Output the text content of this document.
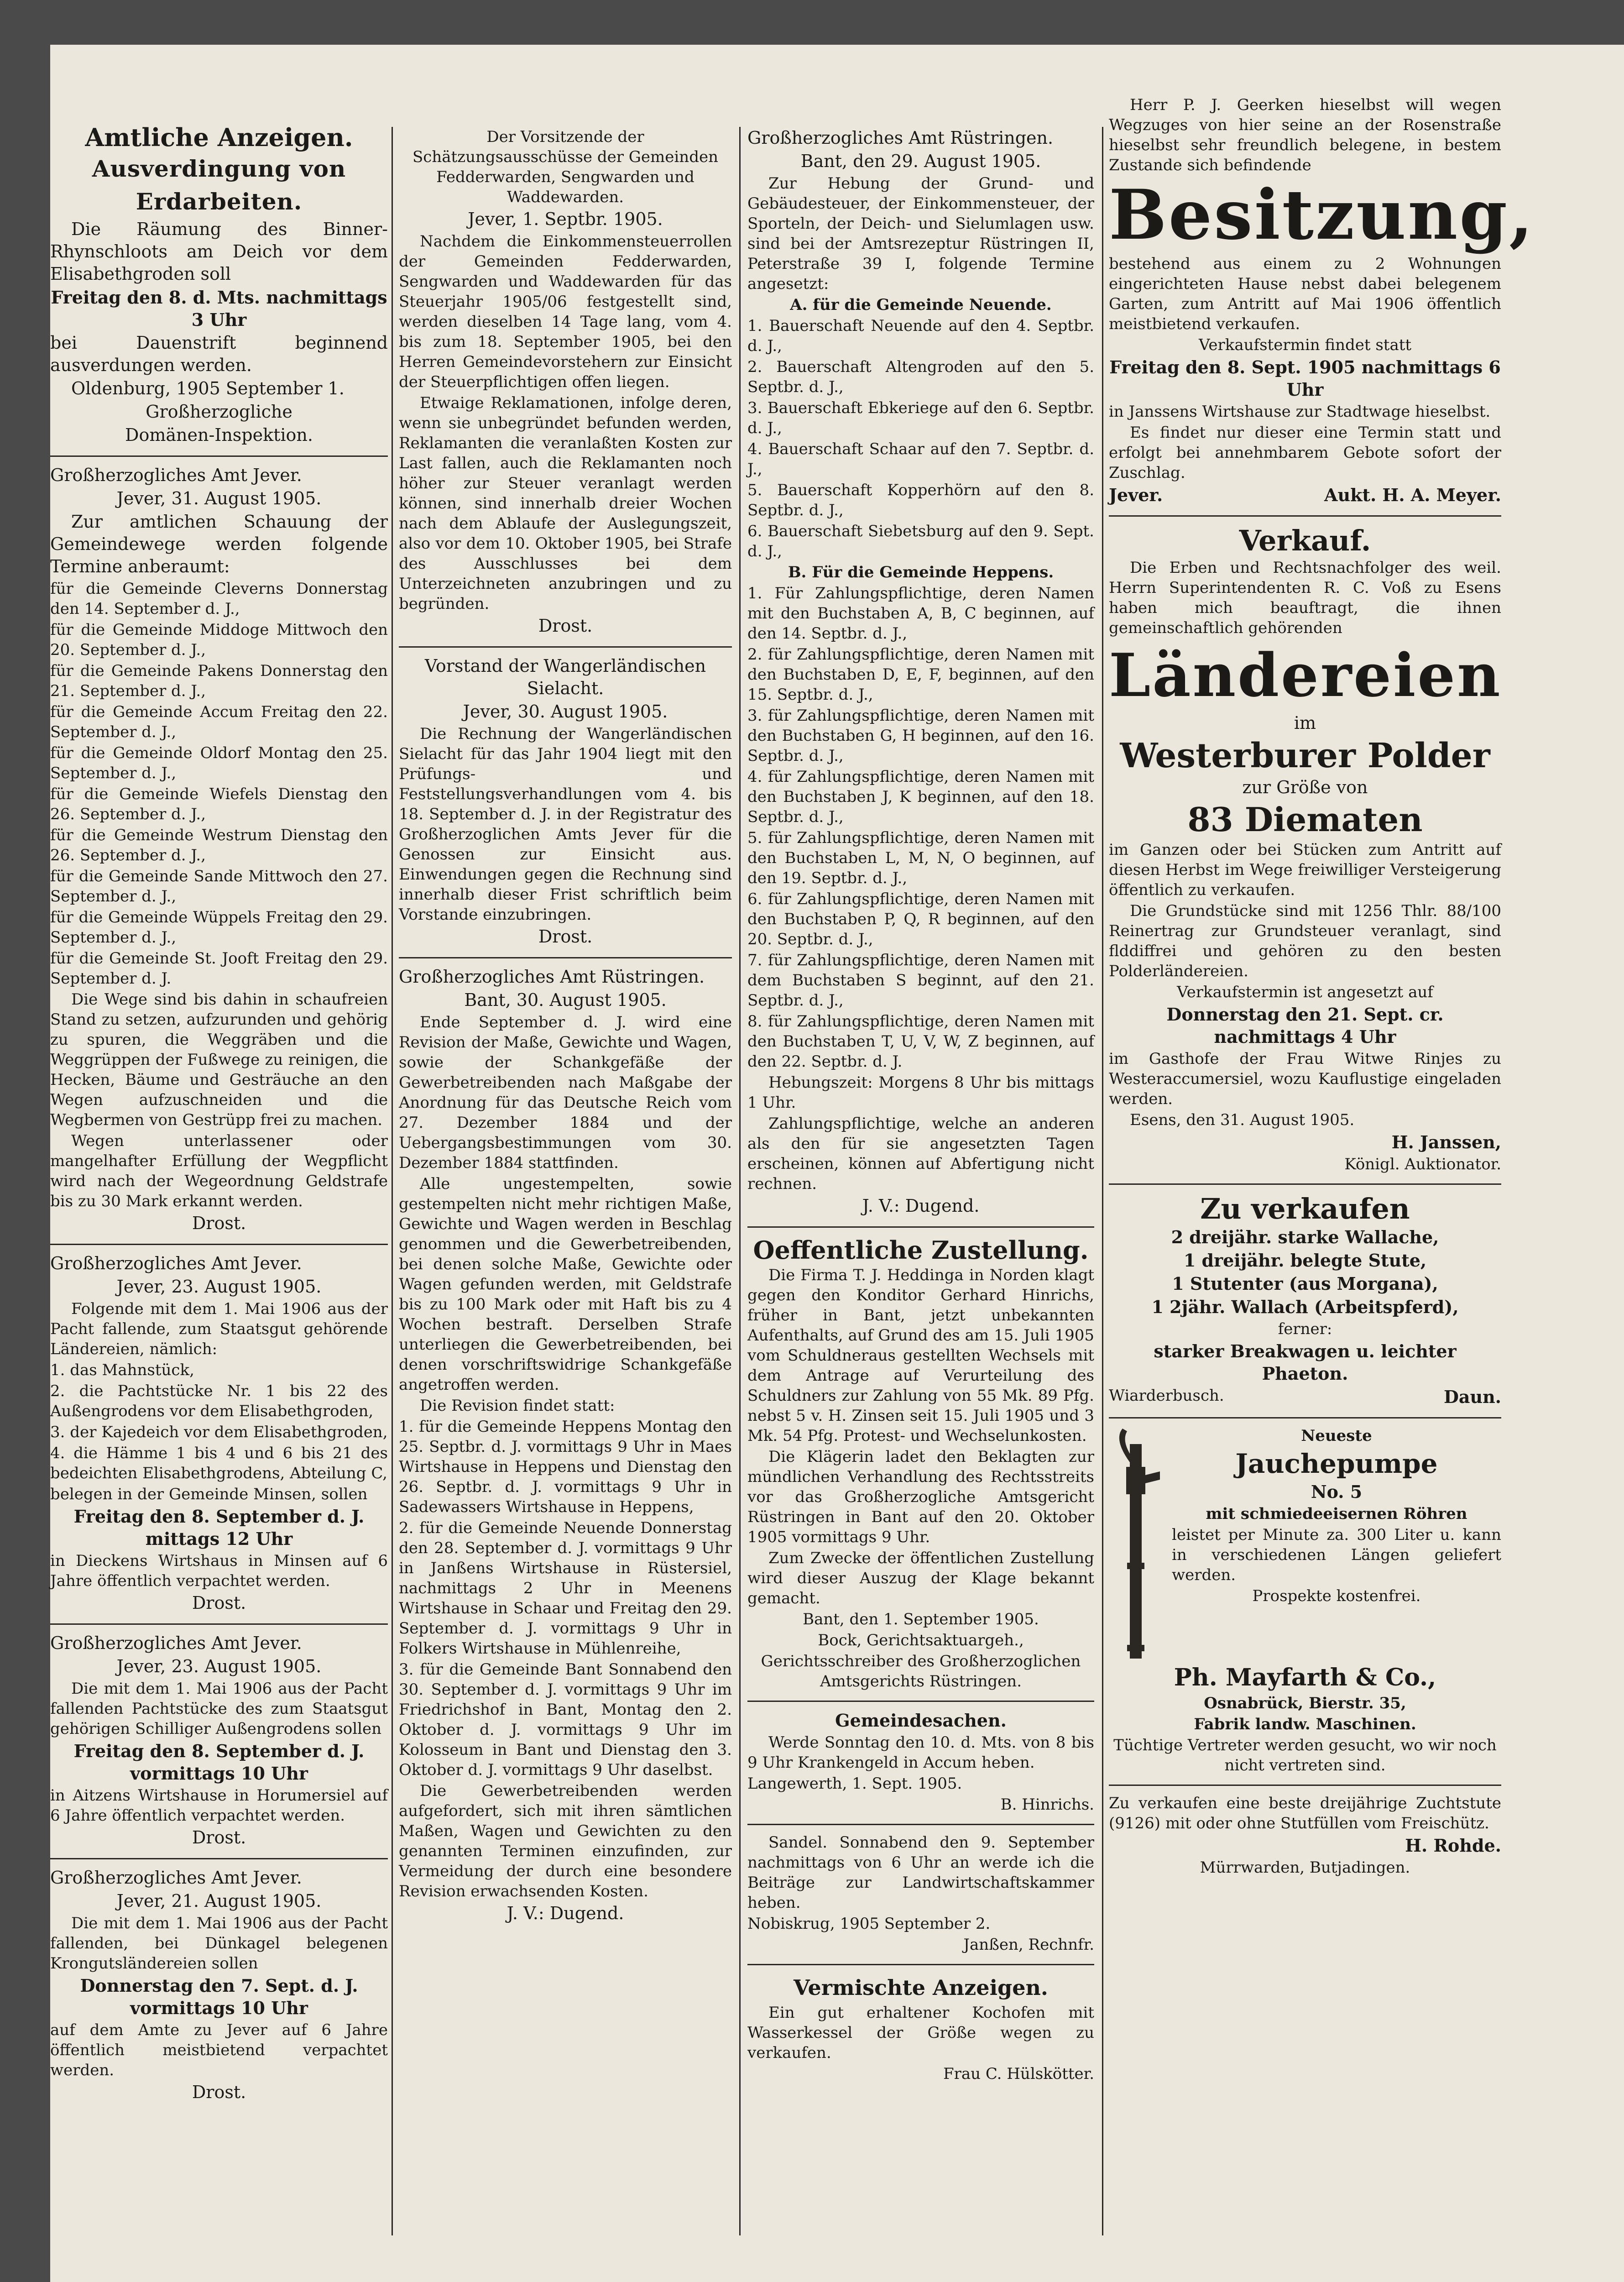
Amtliche Anzeigen.
Ausverdingung von Erdarbeiten.

Die Räumung des Binner-Rhynschloots am Deich vor dem Elisabethgroden soll

Freitag den 8. d. Mts. nachmittags 3 Uhr

bei Dauenstrift beginnend ausverdungen werden.

Oldenburg, 1905 September 1.

Großherzogliche

Domänen-Inspektion.

Großherzogliches Amt Jever.

Jever, 31. August 1905.

Zur amtlichen Schauung der Gemeindewege werden folgende Termine anberaumt:

für die Gemeinde Cleverns Donnerstag den 14. September d. J.,

für die Gemeinde Middoge Mittwoch den 20. September d. J.,

für die Gemeinde Pakens Donnerstag den 21. September d. J.,

für die Gemeinde Accum Freitag den 22. September d. J.,

für die Gemeinde Oldorf Montag den 25. September d. J.,

für die Gemeinde Wiefels Dienstag den 26. September d. J.,

für die Gemeinde Westrum Dienstag den 26. September d. J.,

für die Gemeinde Sande Mittwoch den 27. September d. J.,

für die Gemeinde Wüppels Freitag den 29. September d. J.,

für die Gemeinde St. Jooft Freitag den 29. September d. J.

Die Wege sind bis dahin in schaufreien Stand zu setzen, aufzurunden und gehörig zu spuren, die Weggräben und die Weggrüppen der Fußwege zu reinigen, die Hecken, Bäume und Gesträuche an den Wegen aufzuschneiden und die Wegbermen von Gestrüpp frei zu machen.

Wegen unterlassener oder mangelhafter Erfüllung der Wegpflicht wird nach der Wegeordnung Geldstrafe bis zu 30 Mark erkannt werden.

Drost.

Großherzogliches Amt Jever.

Jever, 23. August 1905.

Folgende mit dem 1. Mai 1906 aus der Pacht fallende, zum Staatsgut gehörende Ländereien, nämlich:

1. das Mahnstück,

2. die Pachtstücke Nr. 1 bis 22 des Außengrodens vor dem Elisabethgroden,

3. der Kajedeich vor dem Elisabethgroden,

4. die Hämme 1 bis 4 und 6 bis 21 des bedeichten Elisabethgrodens, Abteilung C,

belegen in der Gemeinde Minsen, sollen

Freitag den 8. September d. J. mittags 12 Uhr

in Dieckens Wirtshaus in Minsen auf 6 Jahre öffentlich verpachtet werden.

Drost.

Großherzogliches Amt Jever.

Jever, 23. August 1905.

Die mit dem 1. Mai 1906 aus der Pacht fallenden Pachtstücke des zum Staatsgut gehörigen Schilliger Außengrodens sollen

Freitag den 8. September d. J. vormittags 10 Uhr

in Aitzens Wirtshause in Horumersiel auf 6 Jahre öffentlich verpachtet werden.

Drost.

Großherzogliches Amt Jever.

Jever, 21. August 1905.

Die mit dem 1. Mai 1906 aus der Pacht fallenden, bei Dünkagel belegenen Krongutsländereien sollen

Donnerstag den 7. Sept. d. J. vormittags 10 Uhr

auf dem Amte zu Jever auf 6 Jahre öffentlich meistbietend verpachtet werden.

Drost.

Der Vorsitzende der Schätzungsausschüsse der Gemeinden Fedderwarden, Sengwarden und Waddewarden.

Jever, 1. Septbr. 1905.

Nachdem die Einkommensteuerrollen der Gemeinden Fedderwarden, Sengwarden und Waddewarden für das Steuerjahr 1905/06 festgestellt sind, werden dieselben 14 Tage lang, vom 4. bis zum 18. September 1905, bei den Herren Gemeindevorstehern zur Einsicht der Steuerpflichtigen offen liegen.

Etwaige Reklamationen, infolge deren, wenn sie unbegründet befunden werden, Reklamanten die veranlaßten Kosten zur Last fallen, auch die Reklamanten noch höher zur Steuer veranlagt werden können, sind innerhalb dreier Wochen nach dem Ablaufe der Auslegungszeit, also vor dem 10. Oktober 1905, bei Strafe des Ausschlusses bei dem Unterzeichneten anzubringen und zu begründen.

Drost.

Vorstand der Wangerländischen Sielacht.

Jever, 30. August 1905.

Die Rechnung der Wangerländischen Sielacht für das Jahr 1904 liegt mit den Prüfungs- und Feststellungsverhandlungen vom 4. bis 18. September d. J. in der Registratur des Großherzoglichen Amts Jever für die Genossen zur Einsicht aus. Einwendungen gegen die Rechnung sind innerhalb dieser Frist schriftlich beim Vorstande einzubringen.

Drost.

Großherzogliches Amt Rüstringen.

Bant, 30. August 1905.

Ende September d. J. wird eine Revision der Maße, Gewichte und Wagen, sowie der Schankgefäße der Gewerbetreibenden nach Maßgabe der Anordnung für das Deutsche Reich vom 27. Dezember 1884 und der Uebergangsbestimmungen vom 30. Dezember 1884 stattfinden.

Alle ungestempelten, sowie gestempelten nicht mehr richtigen Maße, Gewichte und Wagen werden in Beschlag genommen und die Gewerbetreibenden, bei denen solche Maße, Gewichte oder Wagen gefunden werden, mit Geldstrafe bis zu 100 Mark oder mit Haft bis zu 4 Wochen bestraft. Derselben Strafe unterliegen die Gewerbetreibenden, bei denen vorschriftswidrige Schankgefäße angetroffen werden.

Die Revision findet statt:

1. für die Gemeinde Heppens Montag den 25. Septbr. d. J. vormittags 9 Uhr in Maes Wirtshause in Heppens und Dienstag den 26. Septbr. d. J. vormittags 9 Uhr in Sadewassers Wirtshause in Heppens,

2. für die Gemeinde Neuende Donnerstag den 28. September d. J. vormittags 9 Uhr in Janßens Wirtshause in Rüstersiel, nachmittags 2 Uhr in Meenens Wirtshause in Schaar und Freitag den 29. September d. J. vormittags 9 Uhr in Folkers Wirtshause in Mühlenreihe,

3. für die Gemeinde Bant Sonnabend den 30. September d. J. vormittags 9 Uhr im Friedrichshof in Bant, Montag den 2. Oktober d. J. vormittags 9 Uhr im Kolosseum in Bant und Dienstag den 3. Oktober d. J. vormittags 9 Uhr daselbst.

Die Gewerbetreibenden werden aufgefordert, sich mit ihren sämtlichen Maßen, Wagen und Gewichten zu den genannten Terminen einzufinden, zur Vermeidung der durch eine besondere Revision erwachsenden Kosten.

J. V.: Dugend.

Großherzogliches Amt Rüstringen.

Bant, den 29. August 1905.

Zur Hebung der Grund- und Gebäudesteuer, der Einkommensteuer, der Sporteln, der Deich- und Sielumlagen usw. sind bei der Amtsrezeptur Rüstringen II, Peterstraße 39 I, folgende Termine angesetzt:

A. für die Gemeinde Neuende.

1. Bauerschaft Neuende auf den 4. Septbr. d. J.,

2. Bauerschaft Altengroden auf den 5. Septbr. d. J.,

3. Bauerschaft Ebkeriege auf den 6. Septbr. d. J.,

4. Bauerschaft Schaar auf den 7. Septbr. d. J.,

5. Bauerschaft Kopperhörn auf den 8. Septbr. d. J.,

6. Bauerschaft Siebetsburg auf den 9. Sept. d. J.,

B. Für die Gemeinde Heppens.

1. Für Zahlungspflichtige, deren Namen mit den Buchstaben A, B, C beginnen, auf den 14. Septbr. d. J.,

2. für Zahlungspflichtige, deren Namen mit den Buchstaben D, E, F, beginnen, auf den 15. Septbr. d. J.,

3. für Zahlungspflichtige, deren Namen mit den Buchstaben G, H beginnen, auf den 16. Septbr. d. J.,

4. für Zahlungspflichtige, deren Namen mit den Buchstaben J, K beginnen, auf den 18. Septbr. d. J.,

5. für Zahlungspflichtige, deren Namen mit den Buchstaben L, M, N, O beginnen, auf den 19. Septbr. d. J.,

6. für Zahlungspflichtige, deren Namen mit den Buchstaben P, Q, R beginnen, auf den 20. Septbr. d. J.,

7. für Zahlungspflichtige, deren Namen mit dem Buchstaben S beginnt, auf den 21. Septbr. d. J.,

8. für Zahlungspflichtige, deren Namen mit den Buchstaben T, U, V, W, Z beginnen, auf den 22. Septbr. d. J.

Hebungszeit: Morgens 8 Uhr bis mittags 1 Uhr.

Zahlungspflichtige, welche an anderen als den für sie angesetzten Tagen erscheinen, können auf Abfertigung nicht rechnen.

J. V.: Dugend.

Oeffentliche Zustellung.

Die Firma T. J. Heddinga in Norden klagt gegen den Konditor Gerhard Hinrichs, früher in Bant, jetzt unbekannten Aufenthalts, auf Grund des am 15. Juli 1905 vom Schuldneraus gestellten Wechsels mit dem Antrage auf Verurteilung des Schuldners zur Zahlung von 55 Mk. 89 Pfg. nebst 5 v. H. Zinsen seit 15. Juli 1905 und 3 Mk. 54 Pfg. Protest- und Wechselunkosten.

Die Klägerin ladet den Beklagten zur mündlichen Verhandlung des Rechtsstreits vor das Großherzogliche Amtsgericht Rüstringen in Bant auf den 20. Oktober 1905 vormittags 9 Uhr.

Zum Zwecke der öffentlichen Zustellung wird dieser Auszug der Klage bekannt gemacht.

Bant, den 1. September 1905.

Bock, Gerichtsaktuargeh.,

Gerichtsschreiber des Großherzoglichen Amtsgerichts Rüstringen.

Gemeindesachen.

Werde Sonntag den 10. d. Mts. von 8 bis 9 Uhr Krankengeld in Accum heben.

Langewerth, 1. Sept. 1905.

B. Hinrichs.

Sandel. Sonnabend den 9. September nachmittags von 6 Uhr an werde ich die Beiträge zur Landwirtschaftskammer heben.

Nobiskrug, 1905 September 2.

Janßen, Rechnfr.

Vermischte Anzeigen.

Ein gut erhaltener Kochofen mit Wasserkessel der Größe wegen zu verkaufen.

Frau C. Hülskötter.

Herr P. J. Geerken hieselbst will wegen Wegzuges von hier seine an der Rosenstraße hieselbst sehr freundlich belegene, in bestem Zustande sich befindende

Besitzung,

bestehend aus einem zu 2 Wohnungen eingerichteten Hause nebst dabei belegenem Garten, zum Antritt auf Mai 1906 öffentlich meistbietend verkaufen.

Verkaufstermin findet statt

Freitag den 8. Sept. 1905 nachmittags 6 Uhr

in Janssens Wirtshause zur Stadtwage hieselbst.

Es findet nur dieser eine Termin statt und erfolgt bei annehmbarem Gebote sofort der Zuschlag.

Jever.	Aukt. H. A. Meyer.

Verkauf.

Die Erben und Rechtsnachfolger des weil. Herrn Superintendenten R. C. Voß zu Esens haben mich beauftragt, die ihnen gemeinschaftlich gehörenden

Ländereien

im

Westerburer Polder

zur Größe von

83 Diematen

im Ganzen oder bei Stücken zum Antritt auf diesen Herbst im Wege freiwilliger Versteigerung öffentlich zu verkaufen.

Die Grundstücke sind mit 1256 Thlr. 88/100 Reinertrag zur Grundsteuer veranlagt, sind flddiffrei und gehören zu den besten Polderländereien.

Verkaufstermin ist angesetzt auf

Donnerstag den 21. Sept. cr. nachmittags 4 Uhr

im Gasthofe der Frau Witwe Rinjes zu Westeraccumersiel, wozu Kauflustige eingeladen werden.

Esens, den 31. August 1905.

H. Janssen,

Königl. Auktionator.

Zu verkaufen

2 dreijähr. starke Wallache,

1 dreijähr. belegte Stute,

1 Stutenter (aus Morgana),

1 2jähr. Wallach (Arbeitspferd),

ferner:

starker Breakwagen u. leichter Phaeton.

Wiarderbusch.	Daun.

Neueste

Jauchepumpe

No. 5

mit schmiedeeisernen Röhren

leistet per Minute za. 300 Liter u. kann in verschiedenen Längen geliefert werden.

Prospekte kostenfrei.

Ph. Mayfarth & Co.,

Osnabrück, Bierstr. 35,

Fabrik landw. Maschinen.

Tüchtige Vertreter werden gesucht, wo wir noch nicht vertreten sind.

Zu verkaufen eine beste dreijährige Zuchtstute (9126) mit oder ohne Stutfüllen vom Freischütz.

H. Rohde.

Mürrwarden, Butjadingen.
